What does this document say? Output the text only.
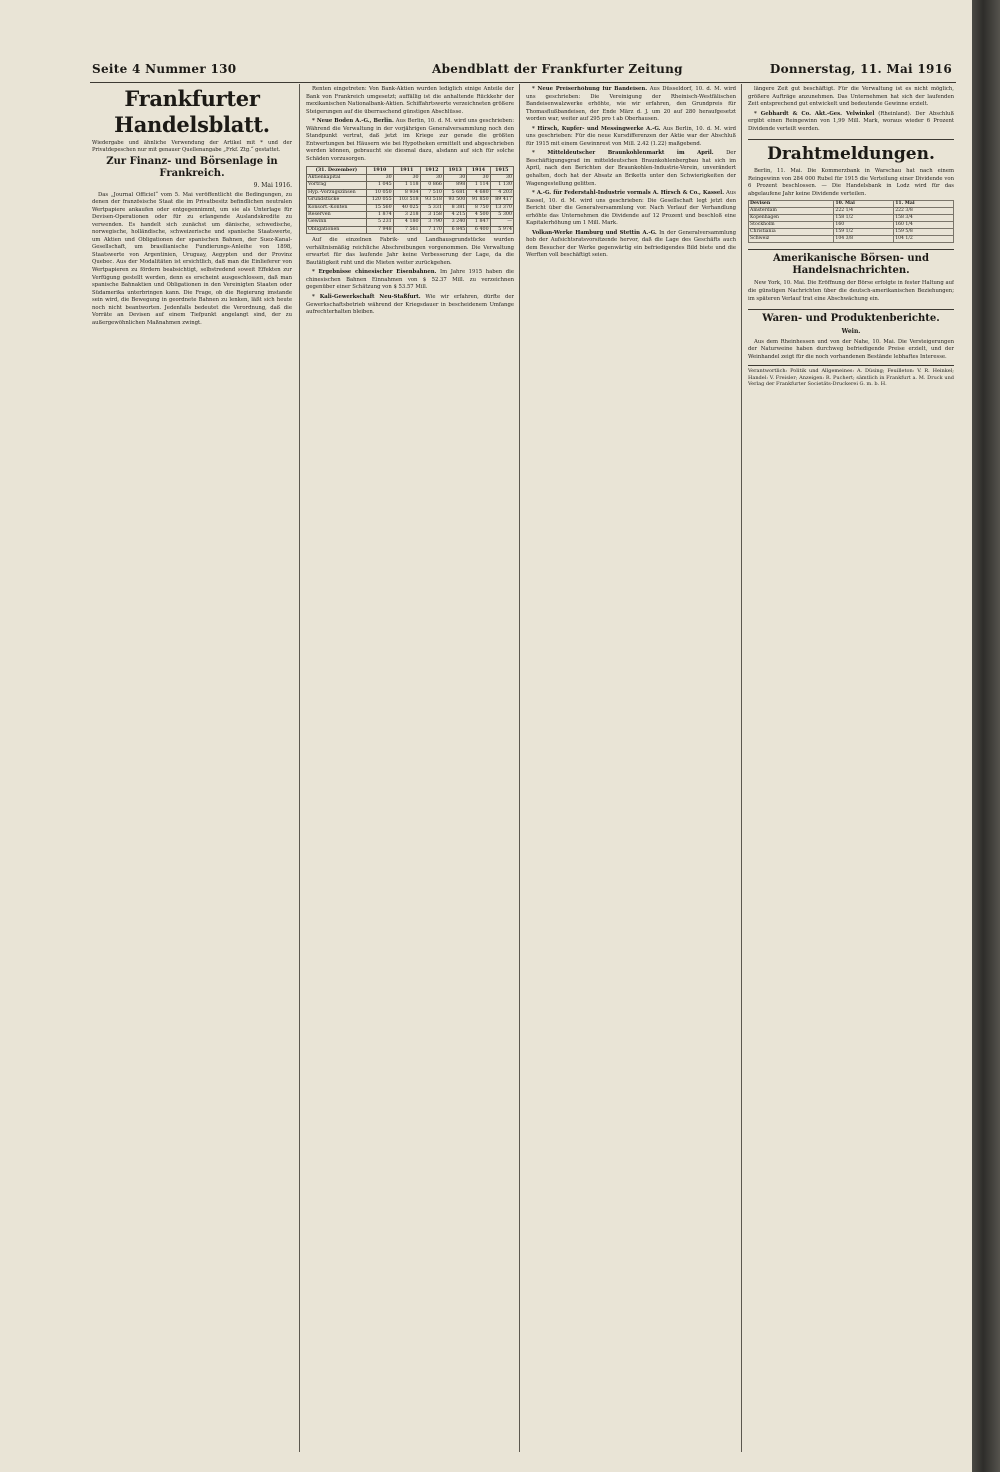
Seite 4 Nummer 130	Abendblatt der Frankfurter Zeitung	Donnerstag, 11. Mai 1916
Frankfurter Handelsblatt.
Wiedergabe und ähnliche Verwendung der Artikel mit * und der Privatdepeschen nur mit genauer Quellenangabe „Frkf. Ztg.“ gestattet.
Zur Finanz- und Börsenlage in Frankreich.
9. Mai 1916.
Das „Journal Officiel“ vom 5. Mai veröffentlicht die Bedingungen, zu denen der französische Staat die im Privatbesitz befindlichen neutralen Wertpapiere ankaufen oder entgegennimmt, um sie als Unterlage für Devisen-Operationen oder für zu erlangende Auslandskredite zu verwenden. Es handelt sich zunächst um dänische, schwedische, norwegische, holländische, schweizerische und spanische Staatswerte, um Aktien und Obligationen der spanischen Bahnen, der Suez-Kanal-Gesellschaft, um brasilianische Fundierungs-Anleihe von 1898, Staatswerte von Argentinien, Uruguay, Aegypten und der Provinz Quebec. Aus der Modalitäten ist ersichtlich, daß man die Einlieferer von Wertpapieren zu fördern beabsichtigt, selbstredend soweit Effekten zur Verfügung gestellt werden, denn es erscheint ausgeschlossen, daß man spanische Bahnaktien und Obligationen in den Vereinigten Staaten oder Südamerika unterbringen kann. Die Frage, ob die Regierung imstande sein wird, die Bewegung in geordnete Bahnen zu lenken, läßt sich heute noch nicht beantworten. Jedenfalls bedeutet die Verordnung, daß die Vorräte an Devisen auf einem Tiefpunkt angelangt sind, der zu außergewöhnlichen Maßnahmen zwingt.
Renten eingetreten: Von Bank-Aktien wurden lediglich einige Anteile der Bank von Frankreich umgesetzt; auffällig ist die anhaltende Rückkehr der mexikanischen Nationalbank-Aktien. Schiffahrtswerte verzeichneten größere Steigerungen auf die überraschend günstigen Abschlüsse.
* Neue Boden A.-G., Berlin. Aus Berlin, 10. d. M. wird uns geschrieben: Während die Verwaltung in der vorjährigen Generalversammlung noch den Standpunkt vertrat, daß jetzt im Kriege zur gerade die größten Entwertungen bei Häusern wie bei Hypotheken ermittelt und abgeschrieben werden können, gebraucht sie diesmal dazu, alsdann auf sich für solche Schäden vorzusorgen.
(31. Dezember)	1910	1911	1912	1913	1914	1915
Aktienkapital	30	30	30	30	30	30
Vortrag	1 045	1 118	0 866	898	1 114	1 130
Hyp.-Vorzugszinsen	10 050	8 934	7 510	5 681	4 680	4 203
Grundstücke	120 055	103 518	93 518	93 500	91 850	89 417
Konsort.-Konten	15 560	40 025	5 331	8 381	8 750	13 370
Reserven	1 874	3 218	3 158	4 215	4 500	5 300
Gewinn	5 231	4 180	3 790	3 240	1 847	—
Obligationen	7 948	7 561	7 170	6 845	6 400	5 974
Auf die einzelnen Fabrik- und Landhausgrundstücke wurden verhältnismäßig reichliche Abschreibungen vorgenommen. Die Verwaltung erwartet für das laufende Jahr keine Verbesserung der Lage, da die Bautätigkeit ruht und die Mieten weiter zurückgehen.
* Ergebnisse chinesischer Eisenbahnen. Im Jahre 1915 haben die chinesischen Bahnen Einnahmen von $ 52.37 Mill. zu verzeichnen gegenüber einer Schätzung von $ 53.57 Mill.
* Kali-Gewerkschaft Neu-Staßfurt. Wie wir erfahren, dürfte der Gewerkschaftsbetrieb während der Kriegsdauer in bescheidenem Umfange aufrechterhalten bleiben.
* Neue Preiserhöhung für Bandeisen. Aus Düsseldorf, 10. d. M. wird uns geschrieben: Die Vereinigung der Rheinisch-Westfälischen Bandeisenwalzwerke erhöhte, wie wir erfahren, den Grundpreis für Thomasflußbandeisen, der Ende März d. J. um 20 auf 280 heraufgesetzt worden war, weiter auf 295 pro t ab Oberhausen.
* Hirsch, Kupfer- und Messingwerke A.-G. Aus Berlin, 10. d. M. wird uns geschrieben: Für die neue Kursdifferenzen der Aktie war der Abschluß für 1915 mit einem Gewinnrest von Mill. 2.42 (1.22) maßgebend.
* Mitteldeutscher Braunkohlenmarkt im April. Der Beschäftigungsgrad im mitteldeutschen Braunkohlenbergbau hat sich im April, nach den Berichten der Braunkohlen-Industrie-Verein, unverändert gehalten, doch hat der Absatz an Briketts unter den Schwierigkeiten der Wagengestellung gelitten.
* A.-G. für Federstahl-Industrie vormals A. Hirsch & Co., Kassel. Aus Kassel, 10. d. M. wird uns geschrieben: Die Gesellschaft legt jetzt den Bericht über die Generalversammlung vor. Nach Verlauf der Verhandlung erhöhte das Unternehmen die Dividende auf 12 Prozent und beschloß eine Kapitalerhöhung um 1 Mill. Mark.
Volkan-Werke Hamburg und Stettin A.-G. In der Generalversammlung hob der Aufsichtsratsvorsitzende hervor, daß die Lage des Geschäfts auch dem Besucher der Werke gegenwärtig ein befriedigendes Bild biete und die Werften voll beschäftigt seien.
längere Zeit gut beschäftigt. Für die Verwaltung ist es nicht möglich, größere Aufträge anzunehmen. Das Unternehmen hat sich der laufenden Zeit entsprechend gut entwickelt und bedeutende Gewinne erzielt.
* Gebhardt & Co. Akt.-Ges. Velwinkel (Rheinland). Der Abschluß ergibt einen Reingewinn von 1,99 Mill. Mark, woraus wieder 6 Prozent Dividende verteilt werden.
Drahtmeldungen.
Berlin, 11. Mai. Die Kommerzbank in Warschau hat nach einem Reingewinn von 284 000 Rubel für 1915 die Verteilung einer Dividende von 6 Prozent beschlossen. — Die Handelsbank in Lodz wird für das abgelaufene Jahr keine Dividende verteilen.
Devisen	10. Mai	11. Mai
Amsterdam	222 1/4	222 3/8
Kopenhagen	158 1/2	158 3/4
Stockholm	160	160 1/4
Christiania	159 1/2	159 5/8
Schweiz	104 3/8	104 1/2
Amerikanische Börsen- und Handelsnachrichten.
New York, 10. Mai. Die Eröffnung der Börse erfolgte in fester Haltung auf die günstigen Nachrichten über die deutsch-amerikanischen Beziehungen; im späteren Verlauf trat eine Abschwächung ein.
Waren- und Produktenberichte.
Wein.
Aus dem Rheinhessen und von der Nahe, 10. Mai. Die Versteigerungen der Naturweine haben durchweg befriedigende Preise erzielt, und der Weinhandel zeigt für die noch vorhandenen Bestände lebhaftes Interesse.
Verantwortlich: Politik und Allgemeines: A. Düsing; Feuilleton: V. R. Heinkel; Handel: V. Freisler; Anzeigen: R. Puchert; sämtlich in Frankfurt a. M. Druck und Verlag der Frankfurter Societäts-Druckerei G. m. b. H.
